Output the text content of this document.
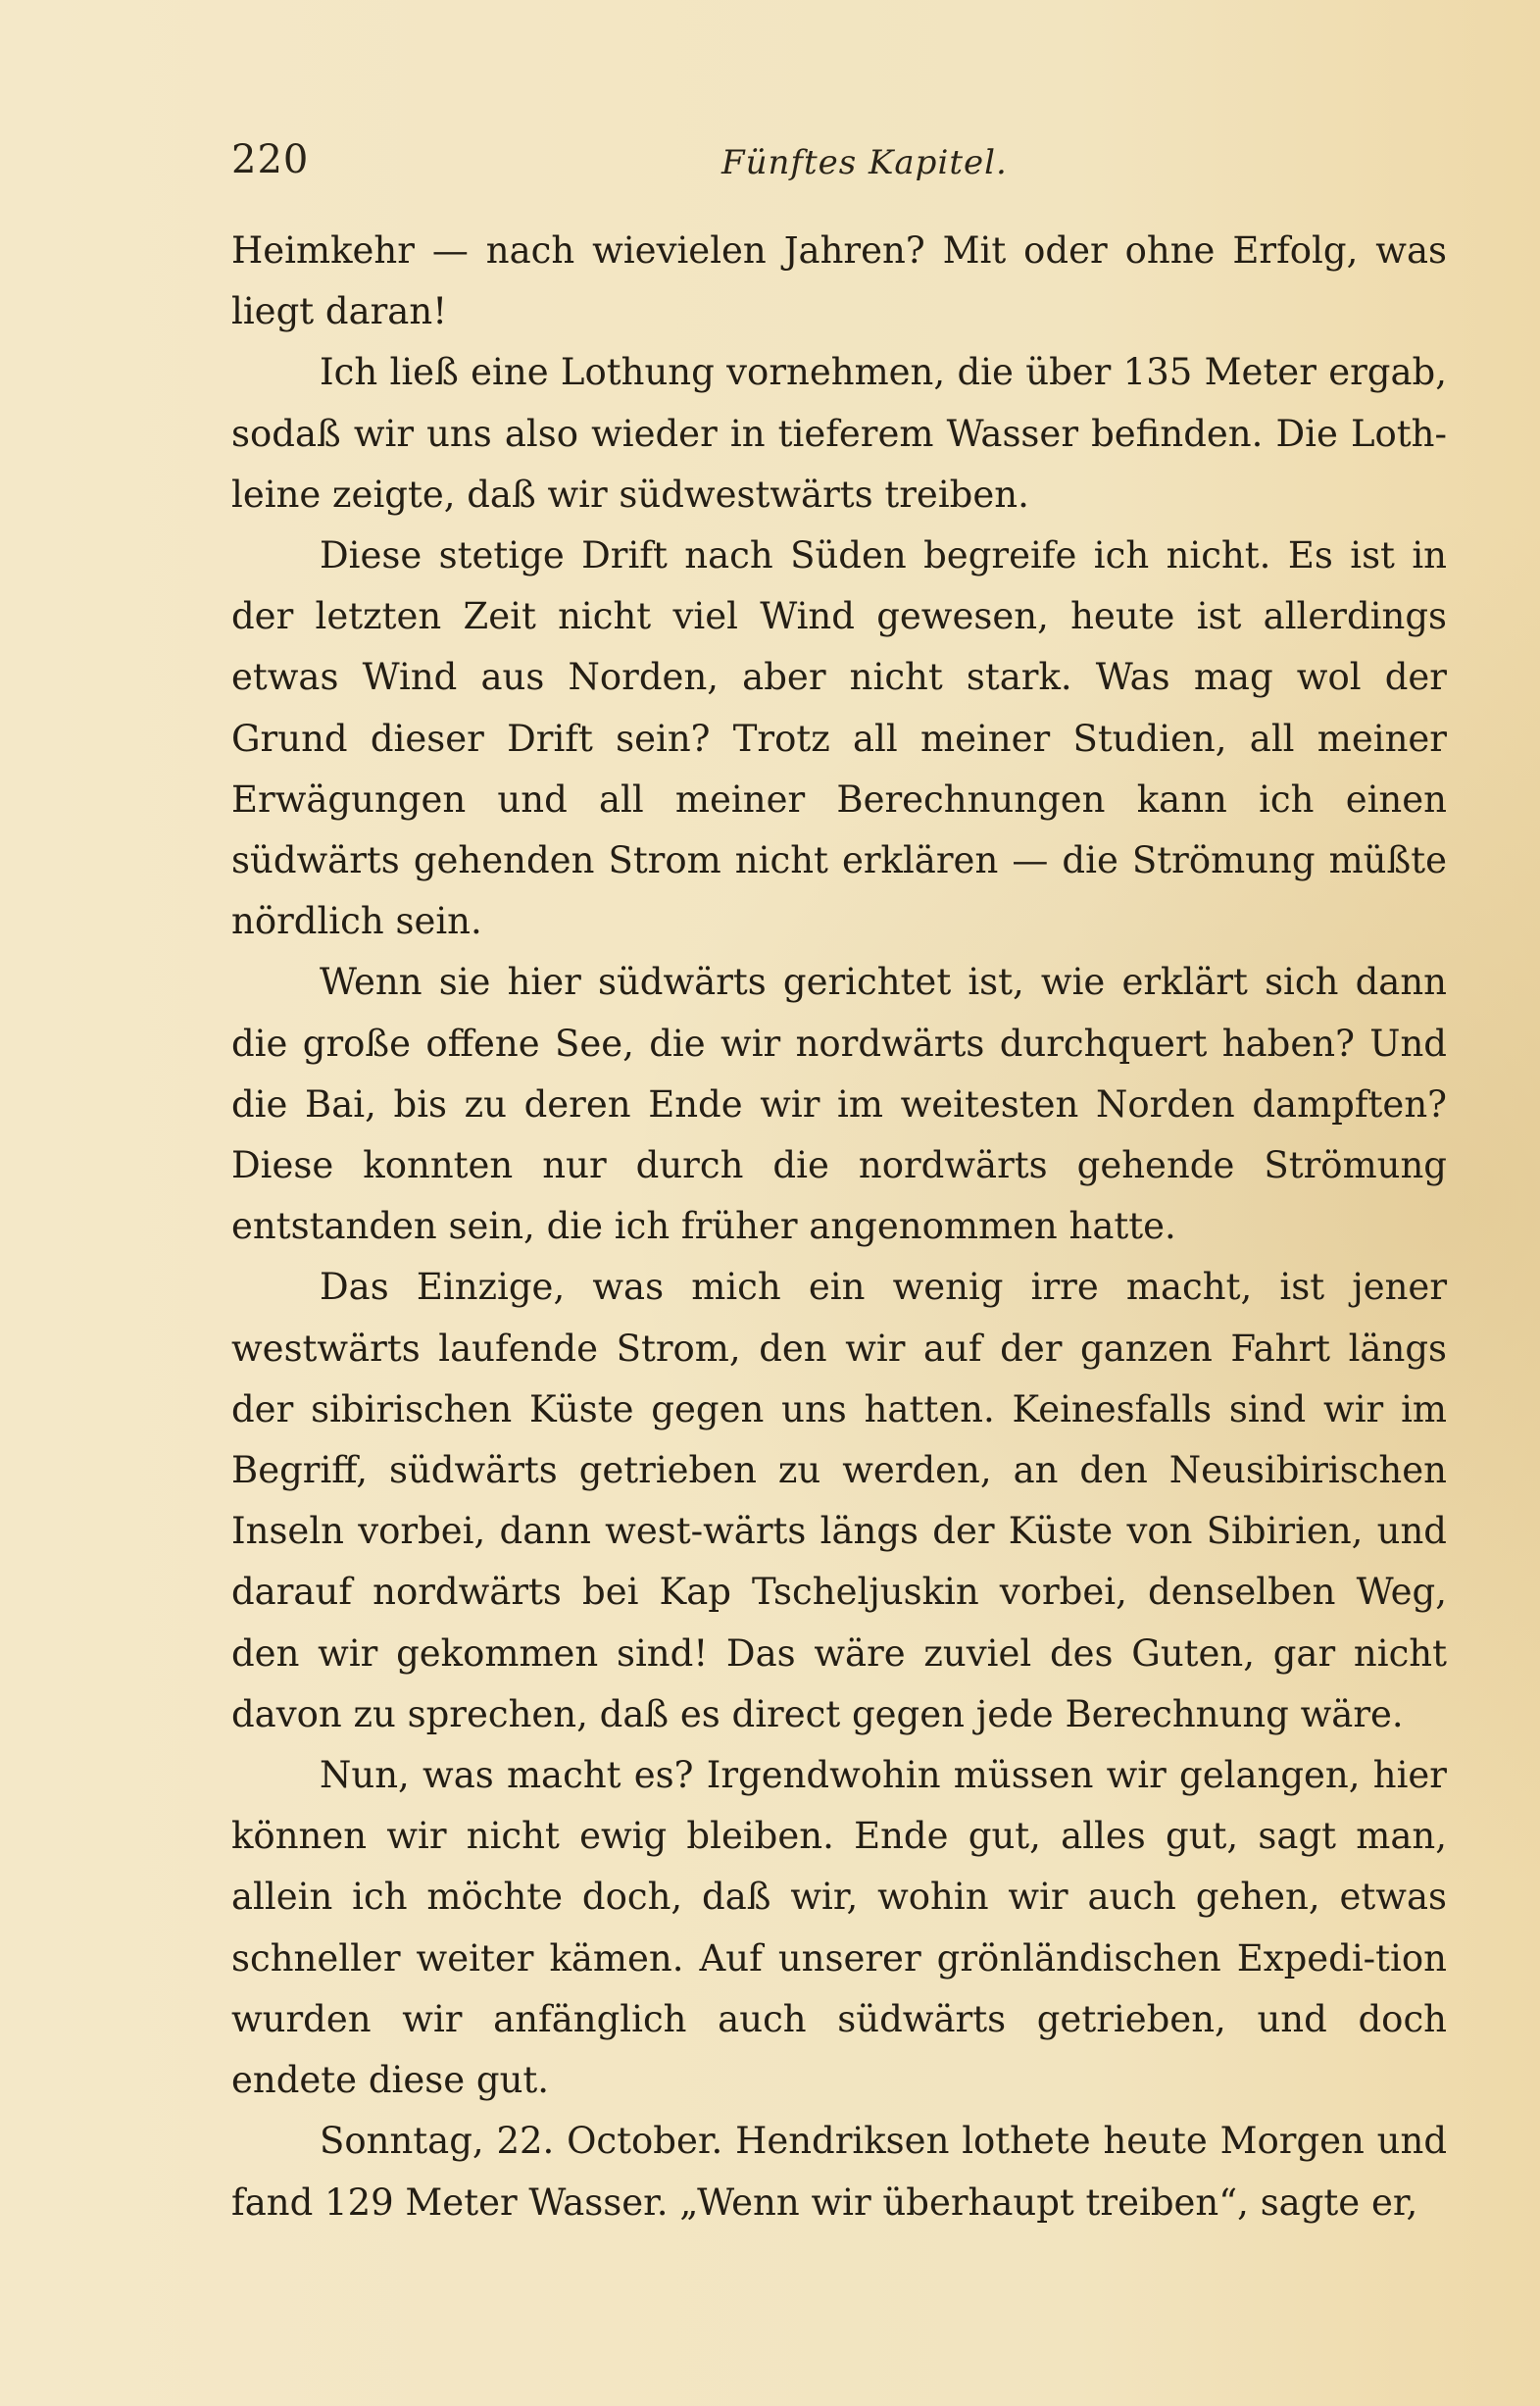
220	Fünftes Kapitel.

Heimkehr — nach wievielen Jahren? Mit oder ohne Erfolg, was liegt daran!

Ich ließ eine Lothung vornehmen, die über 135 Meter ergab, sodaß wir uns also wieder in tieferem Wasser befinden. Die Loth-leine zeigte, daß wir südwestwärts treiben.

Diese stetige Drift nach Süden begreife ich nicht. Es ist in der letzten Zeit nicht viel Wind gewesen, heute ist allerdings etwas Wind aus Norden, aber nicht stark. Was mag wol der Grund dieser Drift sein? Trotz all meiner Studien, all meiner Erwägungen und all meiner Berechnungen kann ich einen südwärts gehenden Strom nicht erklären — die Strömung müßte nördlich sein.

Wenn sie hier südwärts gerichtet ist, wie erklärt sich dann die große offene See, die wir nordwärts durchquert haben? Und die Bai, bis zu deren Ende wir im weitesten Norden dampften? Diese konnten nur durch die nordwärts gehende Strömung entstanden sein, die ich früher angenommen hatte.

Das Einzige, was mich ein wenig irre macht, ist jener westwärts laufende Strom, den wir auf der ganzen Fahrt längs der sibirischen Küste gegen uns hatten. Keinesfalls sind wir im Begriff, südwärts getrieben zu werden, an den Neusibirischen Inseln vorbei, dann west-wärts längs der Küste von Sibirien, und darauf nordwärts bei Kap Tscheljuskin vorbei, denselben Weg, den wir gekommen sind! Das wäre zuviel des Guten, gar nicht davon zu sprechen, daß es direct gegen jede Berechnung wäre.

Nun, was macht es? Irgendwohin müssen wir gelangen, hier können wir nicht ewig bleiben. Ende gut, alles gut, sagt man, allein ich möchte doch, daß wir, wohin wir auch gehen, etwas schneller weiter kämen. Auf unserer grönländischen Expedi-tion wurden wir anfänglich auch südwärts getrieben, und doch endete diese gut.

Sonntag, 22. October. Hendriksen lothete heute Morgen und fand 129 Meter Wasser. „Wenn wir überhaupt treiben“, sagte er,
